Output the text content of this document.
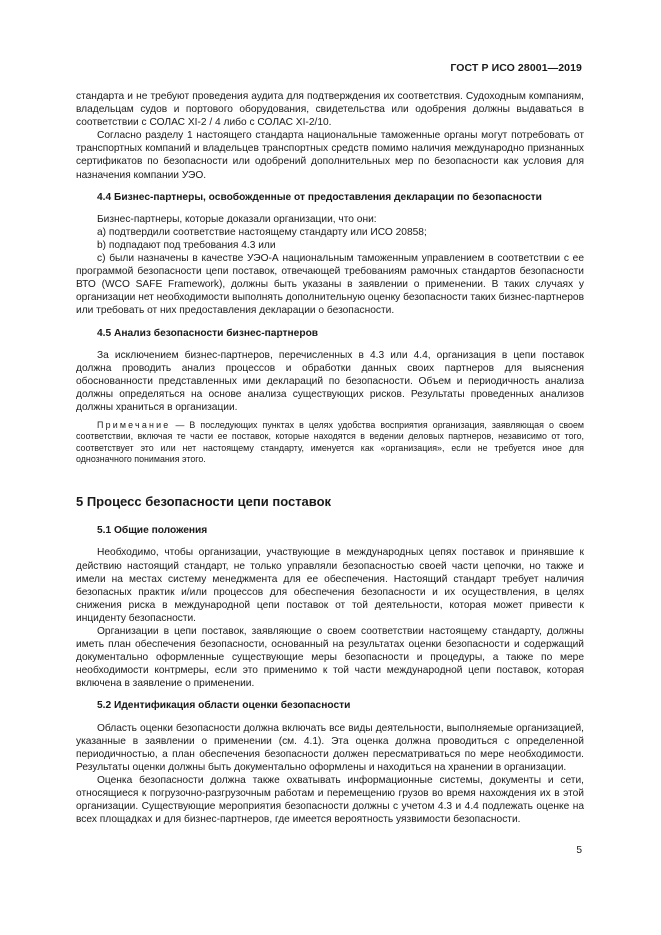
ГОСТ Р ИСО 28001—2019

стандарта и не требуют проведения аудита для подтверждения их соответствия. Судоходным компаниям, владельцам судов и портового оборудования, свидетельства или одобрения должны выдаваться в соответствии с СОЛАС XI-2 / 4 либо с СОЛАС XI-2/10.

Согласно разделу 1 настоящего стандарта национальные таможенные органы могут потребовать от транспортных компаний и владельцев транспортных средств помимо наличия международно признанных сертификатов по безопасности или одобрений дополнительных мер по безопасности как условия для назначения компании УЭО.

4.4 Бизнес-партнеры, освобожденные от предоставления декларации по безопасности

Бизнес-партнеры, которые доказали организации, что они:

a) подтвердили соответствие настоящему стандарту или ИСО 20858;

b) подпадают под требования 4.3 или

c) были назначены в качестве УЭО-А национальным таможенным управлением в соответствии с ее программой безопасности цепи поставок, отвечающей требованиям рамочных стандартов безопасности ВТО (WCO SAFE Framework), должны быть указаны в заявлении о применении. В таких случаях у организации нет необходимости выполнять дополнительную оценку безопасности таких бизнес-партнеров или требовать от них предоставления декларации о безопасности.

4.5 Анализ безопасности бизнес-партнеров

За исключением бизнес-партнеров, перечисленных в 4.3 или 4.4, организация в цепи поставок должна проводить анализ процессов и обработки данных своих партнеров для выяснения обоснованности представленных ими деклараций по безопасности. Объем и периодичность анализа должны определяться на основе анализа существующих рисков. Результаты проведенных анализов должны храниться в организации.

Примечание — В последующих пунктах в целях удобства восприятия организация, заявляющая о своем соответствии, включая те части ее поставок, которые находятся в ведении деловых партнеров, независимо от того, соответствует это или нет настоящему стандарту, именуется как «организация», если не требуется иное для однозначного понимания этого.

5 Процесс безопасности цепи поставок

5.1 Общие положения

Необходимо, чтобы организации, участвующие в международных цепях поставок и принявшие к действию настоящий стандарт, не только управляли безопасностью своей части цепочки, но также и имели на местах систему менеджмента для ее обеспечения. Настоящий стандарт требует наличия безопасных практик и/или процессов для обеспечения безопасности и их осуществления, в целях снижения риска в международной цепи поставок от той деятельности, которая может привести к инциденту безопасности.

Организации в цепи поставок, заявляющие о своем соответствии настоящему стандарту, должны иметь план обеспечения безопасности, основанный на результатах оценки безопасности и содержащий документально оформленные существующие меры безопасности и процедуры, а также по мере необходимости контрмеры, если это применимо к той части международной цепи поставок, которая включена в заявление о применении.

5.2 Идентификация области оценки безопасности

Область оценки безопасности должна включать все виды деятельности, выполняемые организацией, указанные в заявлении о применении (см. 4.1). Эта оценка должна проводиться с определенной периодичностью, а план обеспечения безопасности должен пересматриваться по мере необходимости. Результаты оценки должны быть документально оформлены и находиться на хранении в организации.

Оценка безопасности должна также охватывать информационные системы, документы и сети, относящиеся к погрузочно-разгрузочным работам и перемещению грузов во время нахождения их в этой организации. Существующие мероприятия безопасности должны с учетом 4.3 и 4.4 подлежать оценке на всех площадках и для бизнес-партнеров, где имеется вероятность уязвимости безопасности.

5
